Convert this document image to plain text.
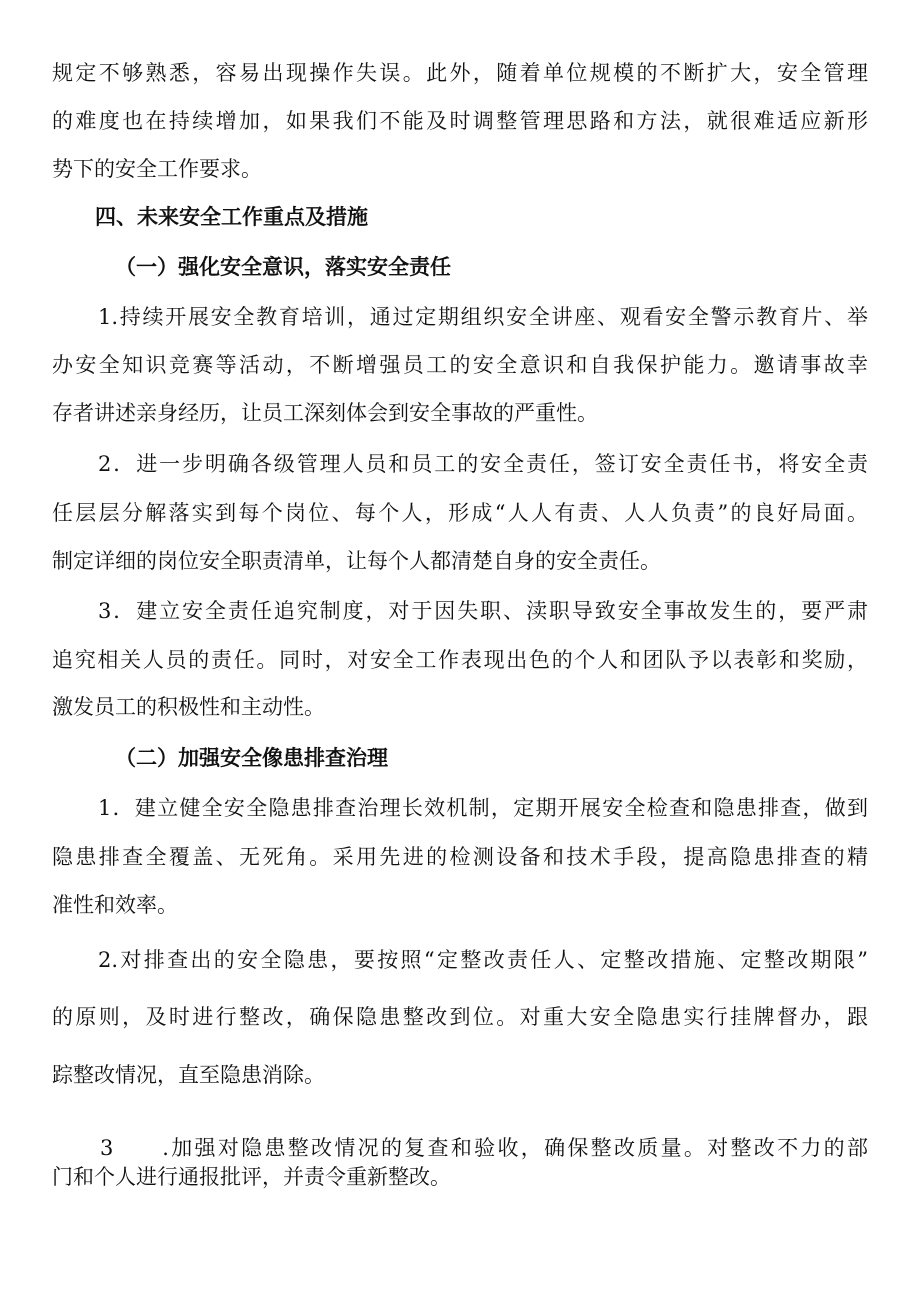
规定不够熟悉，容易出现操作失误。此外，随着单位规模的不断扩大，安全管理
的难度也在持续增加，如果我们不能及时调整管理思路和方法，就很难适应新形
势下的安全工作要求。
四、未来安全工作重点及措施
（一）强化安全意识，落实安全责任
1.持续开展安全教育培训，通过定期组织安全讲座、观看安全警示教育片、举
办安全知识竞赛等活动，不断增强员工的安全意识和自我保护能力。邀请事故幸
存者讲述亲身经历，让员工深刻体会到安全事故的严重性。
2．进一步明确各级管理人员和员工的安全责任，签订安全责任书，将安全责
任层层分解落实到每个岗位、每个人，形成“人人有责、人人负责”的良好局面。
制定详细的岗位安全职责清单，让每个人都清楚自身的安全责任。
3．建立安全责任追究制度，对于因失职、渎职导致安全事故发生的，要严肃
追究相关人员的责任。同时，对安全工作表现出色的个人和团队予以表彰和奖励，
激发员工的积极性和主动性。
（二）加强安全像患排查治理
1．建立健全安全隐患排查治理长效机制，定期开展安全检查和隐患排查，做到
隐患排查全覆盖、无死角。采用先进的检测设备和技术手段，提高隐患排查的精
准性和效率。
2.对排查出的安全隐患，要按照“定整改责任人、定整改措施、定整改期限”
的原则，及时进行整改，确保隐患整改到位。对重大安全隐患实行挂牌督办，跟
踪整改情况，直至隐患消除。
3　　.加强对隐患整改情况的复查和验收，确保整改质量。对整改不力的部
门和个人进行通报批评，并责令重新整改。
